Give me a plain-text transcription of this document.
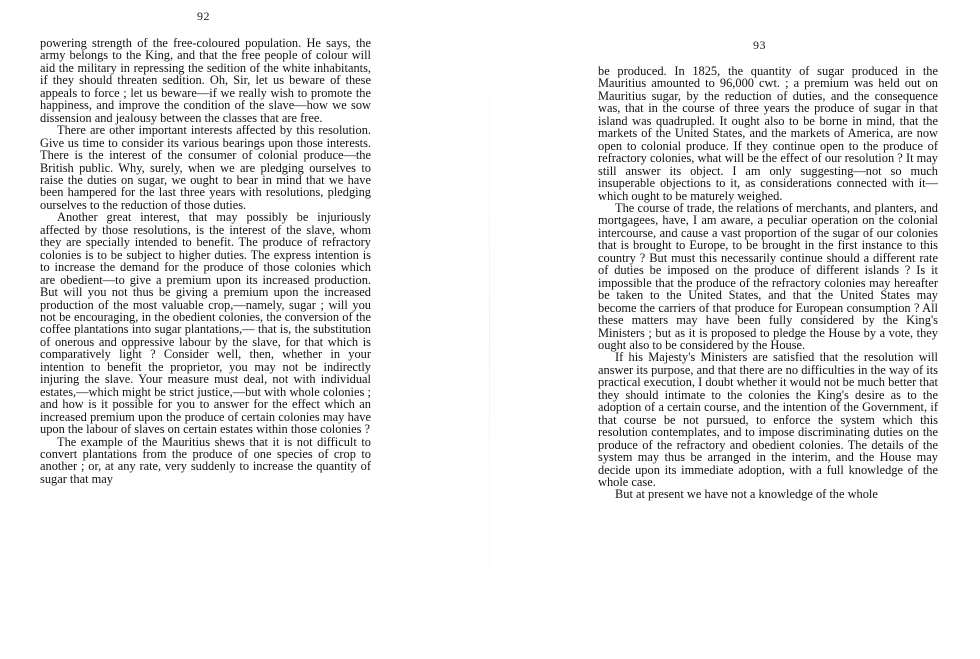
92

powering strength of the free-coloured population. He says, the army belongs to the King, and that the free people of colour will aid the military in repressing the sedition of the white inhabitants, if they should threaten sedition. Oh, Sir, let us beware of these appeals to force ; let us beware—if we really wish to promote the happiness, and improve the condition of the slave—how we sow dissension and jealousy between the classes that are free.

There are other important interests affected by this resolution. Give us time to consider its various bearings upon those interests. There is the interest of the consumer of colonial produce—the British public. Why, surely, when we are pledging ourselves to raise the duties on sugar, we ought to bear in mind that we have been hampered for the last three years with resolutions, pledging ourselves to the reduction of those duties.

Another great interest, that may possibly be injuriously affected by those resolutions, is the interest of the slave, whom they are specially intended to benefit. The produce of refractory colonies is to be subject to higher duties. The express intention is to increase the demand for the produce of those colonies which are obedient—to give a premium upon its increased production. But will you not thus be giving a premium upon the increased production of the most valuable crop,—namely, sugar ; will you not be encouraging, in the obedient colonies, the conversion of the coffee plantations into sugar plantations,— that is, the substitution of onerous and oppressive labour by the slave, for that which is comparatively light ? Consider well, then, whether in your intention to benefit the proprietor, you may not be indirectly injuring the slave. Your measure must deal, not with individual estates,—which might be strict justice,—but with whole colonies ; and how is it possible for you to answer for the effect which an increased premium upon the produce of certain colonies may have upon the labour of slaves on certain estates within those colonies ?

The example of the Mauritius shews that it is not difficult to convert plantations from the produce of one species of crop to another ; or, at any rate, very suddenly to increase the quantity of sugar that may

93

be produced. In 1825, the quantity of sugar produced in the Mauritius amounted to 96,000 cwt. ; a premium was held out on Mauritius sugar, by the reduction of duties, and the consequence was, that in the course of three years the produce of sugar in that island was quadrupled. It ought also to be borne in mind, that the markets of the United States, and the markets of America, are now open to colonial produce. If they continue open to the produce of refractory colonies, what will be the effect of our resolution ? It may still answer its object. I am only suggesting—not so much insuperable objections to it, as considerations connected with it—which ought to be maturely weighed.

The course of trade, the relations of merchants, and planters, and mortgagees, have, I am aware, a peculiar operation on the colonial intercourse, and cause a vast proportion of the sugar of our colonies that is brought to Europe, to be brought in the first instance to this country ? But must this necessarily continue should a different rate of duties be imposed on the produce of different islands ? Is it impossible that the produce of the refractory colonies may hereafter be taken to the United States, and that the United States may become the carriers of that produce for European consumption ? All these matters may have been fully considered by the King's Ministers ; but as it is proposed to pledge the House by a vote, they ought also to be considered by the House.

If his Majesty's Ministers are satisfied that the resolution will answer its purpose, and that there are no difficulties in the way of its practical execution, I doubt whether it would not be much better that they should intimate to the colonies the King's desire as to the adoption of a certain course, and the intention of the Government, if that course be not pursued, to enforce the system which this resolution contemplates, and to impose discriminating duties on the produce of the refractory and obedient colonies. The details of the system may thus be arranged in the interim, and the House may decide upon its immediate adoption, with a full knowledge of the whole case.

But at present we have not a knowledge of the whole
